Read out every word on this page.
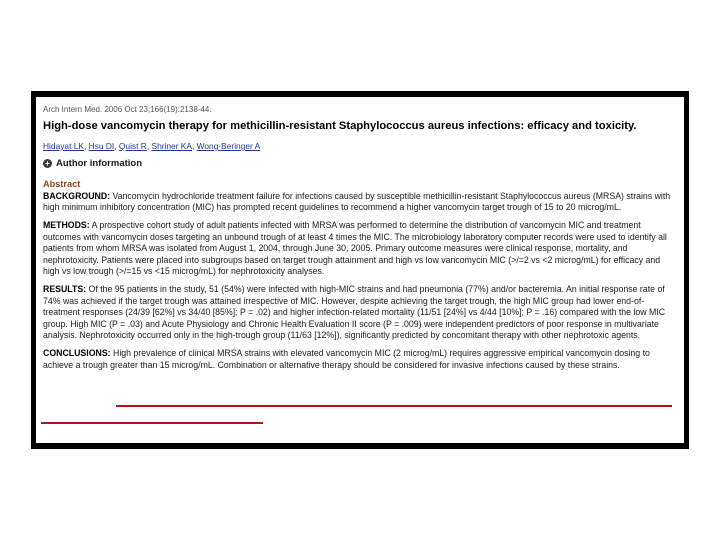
Arch Intern Med. 2006 Oct 23;166(19):2138-44.
High-dose vancomycin therapy for methicillin-resistant Staphylococcus aureus infections: efficacy and toxicity.
Hidayat LK, Hsu DI, Quist R, Shriner KA, Wong-Beringer A
+ Author information
Abstract

BACKGROUND: Vancomycin hydrochloride treatment failure for infections caused by susceptible methicillin-resistant Staphylococcus aureus (MRSA) strains with high minimum inhibitory concentration (MIC) has prompted recent guidelines to recommend a higher vancomycin target trough of 15 to 20 microg/mL.

METHODS: A prospective cohort study of adult patients infected with MRSA was performed to determine the distribution of vancomycin MIC and treatment outcomes with vancomycin doses targeting an unbound trough of at least 4 times the MIC. The microbiology laboratory computer records were used to identify all patients from whom MRSA was isolated from August 1, 2004, through June 30, 2005. Primary outcome measures were clinical response, mortality, and nephrotoxicity. Patients were placed into subgroups based on target trough attainment and high vs low vancomycin MIC (>/=2 vs <2 microg/mL) for efficacy and high vs low trough (>/=15 vs <15 microg/mL) for nephrotoxicity analyses.

RESULTS: Of the 95 patients in the study, 51 (54%) were infected with high-MIC strains and had pneumonia (77%) and/or bacteremia. An initial response rate of 74% was achieved if the target trough was attained irrespective of MIC. However, despite achieving the target trough, the high MIC group had lower end-of-treatment responses (24/39 [62%] vs 34/40 [85%]; P = .02) and higher infection-related mortality (11/51 [24%] vs 4/44 [10%]; P = .16) compared with the low MIC group. High MIC (P = .03) and Acute Physiology and Chronic Health Evaluation II score (P = .009) were independent predictors of poor response in multivariate analysis. Nephrotoxicity occurred only in the high-trough group (11/63 [12%]), significantly predicted by concomitant therapy with other nephrotoxic agents.

CONCLUSIONS: High prevalence of clinical MRSA strains with elevated vancomycin MIC (2 microg/mL) requires aggressive empirical vancomycin dosing to achieve a trough greater than 15 microg/mL. Combination or alternative therapy should be considered for invasive infections caused by these strains.
